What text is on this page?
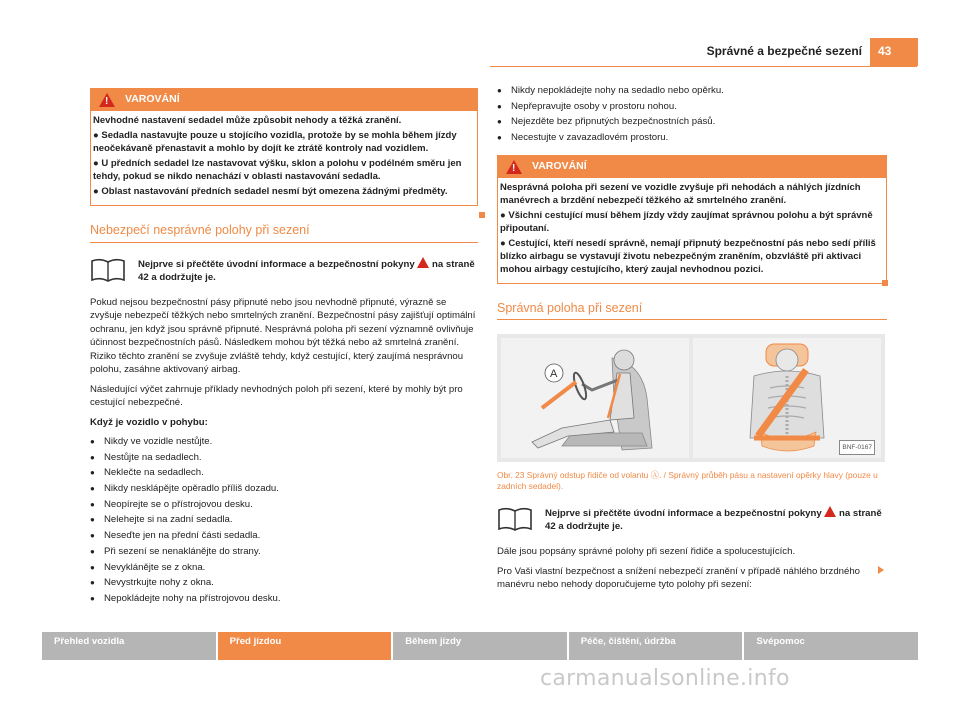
Správné a bezpečné sezení	43
! VAROVÁNÍ

Nevhodné nastavení sedadel může způsobit nehody a těžká zranění.

● Sedadla nastavujte pouze u stojícího vozidla, protože by se mohla během jízdy neočekávaně přenastavit a mohlo by dojít ke ztrátě kontroly nad vozidlem.

● U předních sedadel lze nastavovat výšku, sklon a polohu v podélném směru jen tehdy, pokud se nikdo nenachází v oblasti nastavování sedadla.

● Oblast nastavování předních sedadel nesmí být omezena žádnými předměty.

Nebezpečí nesprávné polohy při sezení
Nejprve si přečtěte úvodní informace a bezpečnostní pokyny na straně 42 a dodržujte je.

Pokud nejsou bezpečnostní pásy připnuté nebo jsou nevhodně připnuté, výrazně se zvyšuje nebezpečí těžkých nebo smrtelných zranění. Bezpečnostní pásy zajišťují optimální ochranu, jen když jsou správně připnuté. Nesprávná poloha při sezení významně ovlivňuje účinnost bezpečnostních pásů. Následkem mohou být těžká nebo až smrtelná zranění. Riziko těchto zranění se zvyšuje zvláště tehdy, když cestující, který zaujímá nesprávnou polohu, zasáhne aktivovaný airbag.

Následující výčet zahrnuje příklady nevhodných poloh při sezení, které by mohly být pro cestující nebezpečné.

Když je vozidlo v pohybu:

● Nikdy ve vozidle nestůjte.
● Nestůjte na sedadlech.
● Neklečte na sedadlech.
● Nikdy nesklápějte opěradlo příliš dozadu.
● Neopírejte se o přístrojovou desku.
● Nelehejte si na zadní sedadla.
● Neseďte jen na přední části sedadla.
● Při sezení se nenaklánějte do strany.
● Nevyklánějte se z okna.
● Nevystrkujte nohy z okna.
● Nepokládejte nohy na přístrojovou desku.
● Nikdy nepokládejte nohy na sedadlo nebo opěrku.
● Nepřepravujte osoby v prostoru nohou.
● Nejezděte bez připnutých bezpečnostních pásů.
● Necestujte v zavazadlovém prostoru.
! VAROVÁNÍ

Nesprávná poloha při sezení ve vozidle zvyšuje při nehodách a náhlých jízdních manévrech a brzdění nebezpečí těžkého až smrtelného zranění.

● Všichni cestující musí během jízdy vždy zaujímat správnou polohu a být správně připoutaní.

● Cestující, kteří nesedí správně, nemají připnutý bezpečnostní pás nebo sedí příliš blízko airbagu se vystavují životu nebezpečným zraněním, obzvláště při aktivaci mohou airbagy cestujícího, který zaujal nevhodnou pozici.

Správná poloha při sezení
A
BNF-0167

Obr. 23 Správný odstup řidiče od volantu Ⓐ. / Správný průběh pásu a nastavení opěrky hlavy (pouze u zadních sedadel).

Nejprve si přečtěte úvodní informace a bezpečnostní pokyny na straně 42 a dodržujte je.

Dále jsou popsány správné polohy při sezení řidiče a spolucestujících.

Pro Vaši vlastní bezpečnost a snížení nebezpečí zranění v případě náhlého brzdného manévru nebo nehody doporučujeme tyto polohy při sezení:

Přehled vozidla	Před jízdou	Během jízdy	Péče, čištění, údržba	Svépomoc
carmanualsonline.info
